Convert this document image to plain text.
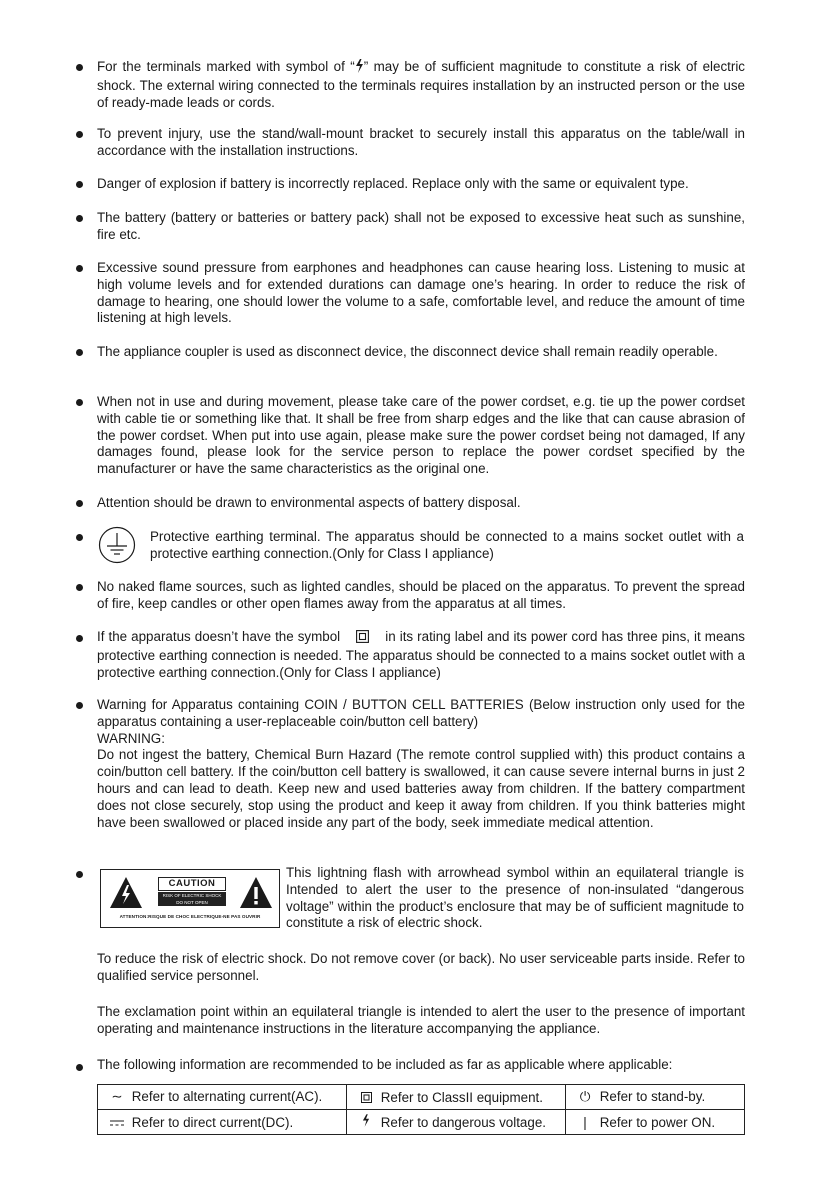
For the terminals marked with symbol of “ ” may be of sufficient magnitude to constitute a risk of electric shock. The external wiring connected to the terminals requires installation by an instructed person or the use of ready-made leads or cords.
To prevent injury, use the stand/wall-mount bracket to securely install this apparatus on the table/wall in accordance with the installation instructions.
Danger of explosion if battery is incorrectly replaced. Replace only with the same or equivalent type.
The battery (battery or batteries or battery pack) shall not be exposed to excessive heat such as sunshine, fire etc.
Excessive sound pressure from earphones and headphones can cause hearing loss. Listening to music at high volume levels and for extended durations can damage one’s hearing. In order to reduce the risk of damage to hearing, one should lower the volume to a safe, comfortable level, and reduce the amount of time listening at high levels.
The appliance coupler is used as disconnect device, the disconnect device shall remain readily operable.
When not in use and during movement, please take care of the power cordset, e.g. tie up the power cordset with cable tie or something like that. It shall be free from sharp edges and the like that can cause abrasion of the power cordset. When put into use again, please make sure the power cordset being not damaged, If any damages found, please look for the service person to replace the power cordset specified by the manufacturer or have the same characteristics as the original one.
Attention should be drawn to environmental aspects of battery disposal.
Protective earthing terminal. The apparatus should be connected to a mains socket outlet with a protective earthing connection.(Only for Class I appliance)
No naked flame sources, such as lighted candles, should be placed on the apparatus. To prevent the spread of fire, keep candles or other open flames away from the apparatus at all times.
If the apparatus doesn’t have the symbol	in its rating label and its power cord has three pins, it means protective earthing connection is needed. The apparatus should be connected to a mains socket outlet with a protective earthing connection.(Only for Class I appliance)
Warning for Apparatus containing COIN / BUTTON CELL BATTERIES (Below instruction only used for the apparatus containing a user-replaceable coin/button cell battery)
WARNING:
Do not ingest the battery, Chemical Burn Hazard (The remote control supplied with) this product contains a coin/button cell battery. If the coin/button cell battery is swallowed, it can cause severe internal burns in just 2 hours and can lead to death. Keep new and used batteries away from children. If the battery compartment does not close securely, stop using the product and keep it away from children. If you think batteries might have been swallowed or placed inside any part of the body, seek immediate medical attention.
CAUTION
RISK OF ELECTRIC SHOCK
DO NOT OPEN
ATTENTION:RISQUE DE CHOC ELECTRIQUE-NE PAS OUVRIR
This lightning flash with arrowhead symbol within an equilateral triangle is Intended to alert the user to the presence of non-insulated “dangerous voltage” within the product’s enclosure that may be of sufficient magnitude to constitute a risk of electric shock.
To reduce the risk of electric shock. Do not remove cover (or back). No user serviceable parts inside. Refer to qualified service personnel.
The exclamation point within an equilateral triangle is intended to alert the user to the presence of important operating and maintenance instructions in the literature accompanying the appliance.
The following information are recommended to be included as far as applicable where applicable:
∼ Refer to alternating current(AC).	Refer to ClassII equipment.	⏻ Refer to stand-by.
Refer to direct current(DC).	Refer to dangerous voltage.	| Refer to power ON.
